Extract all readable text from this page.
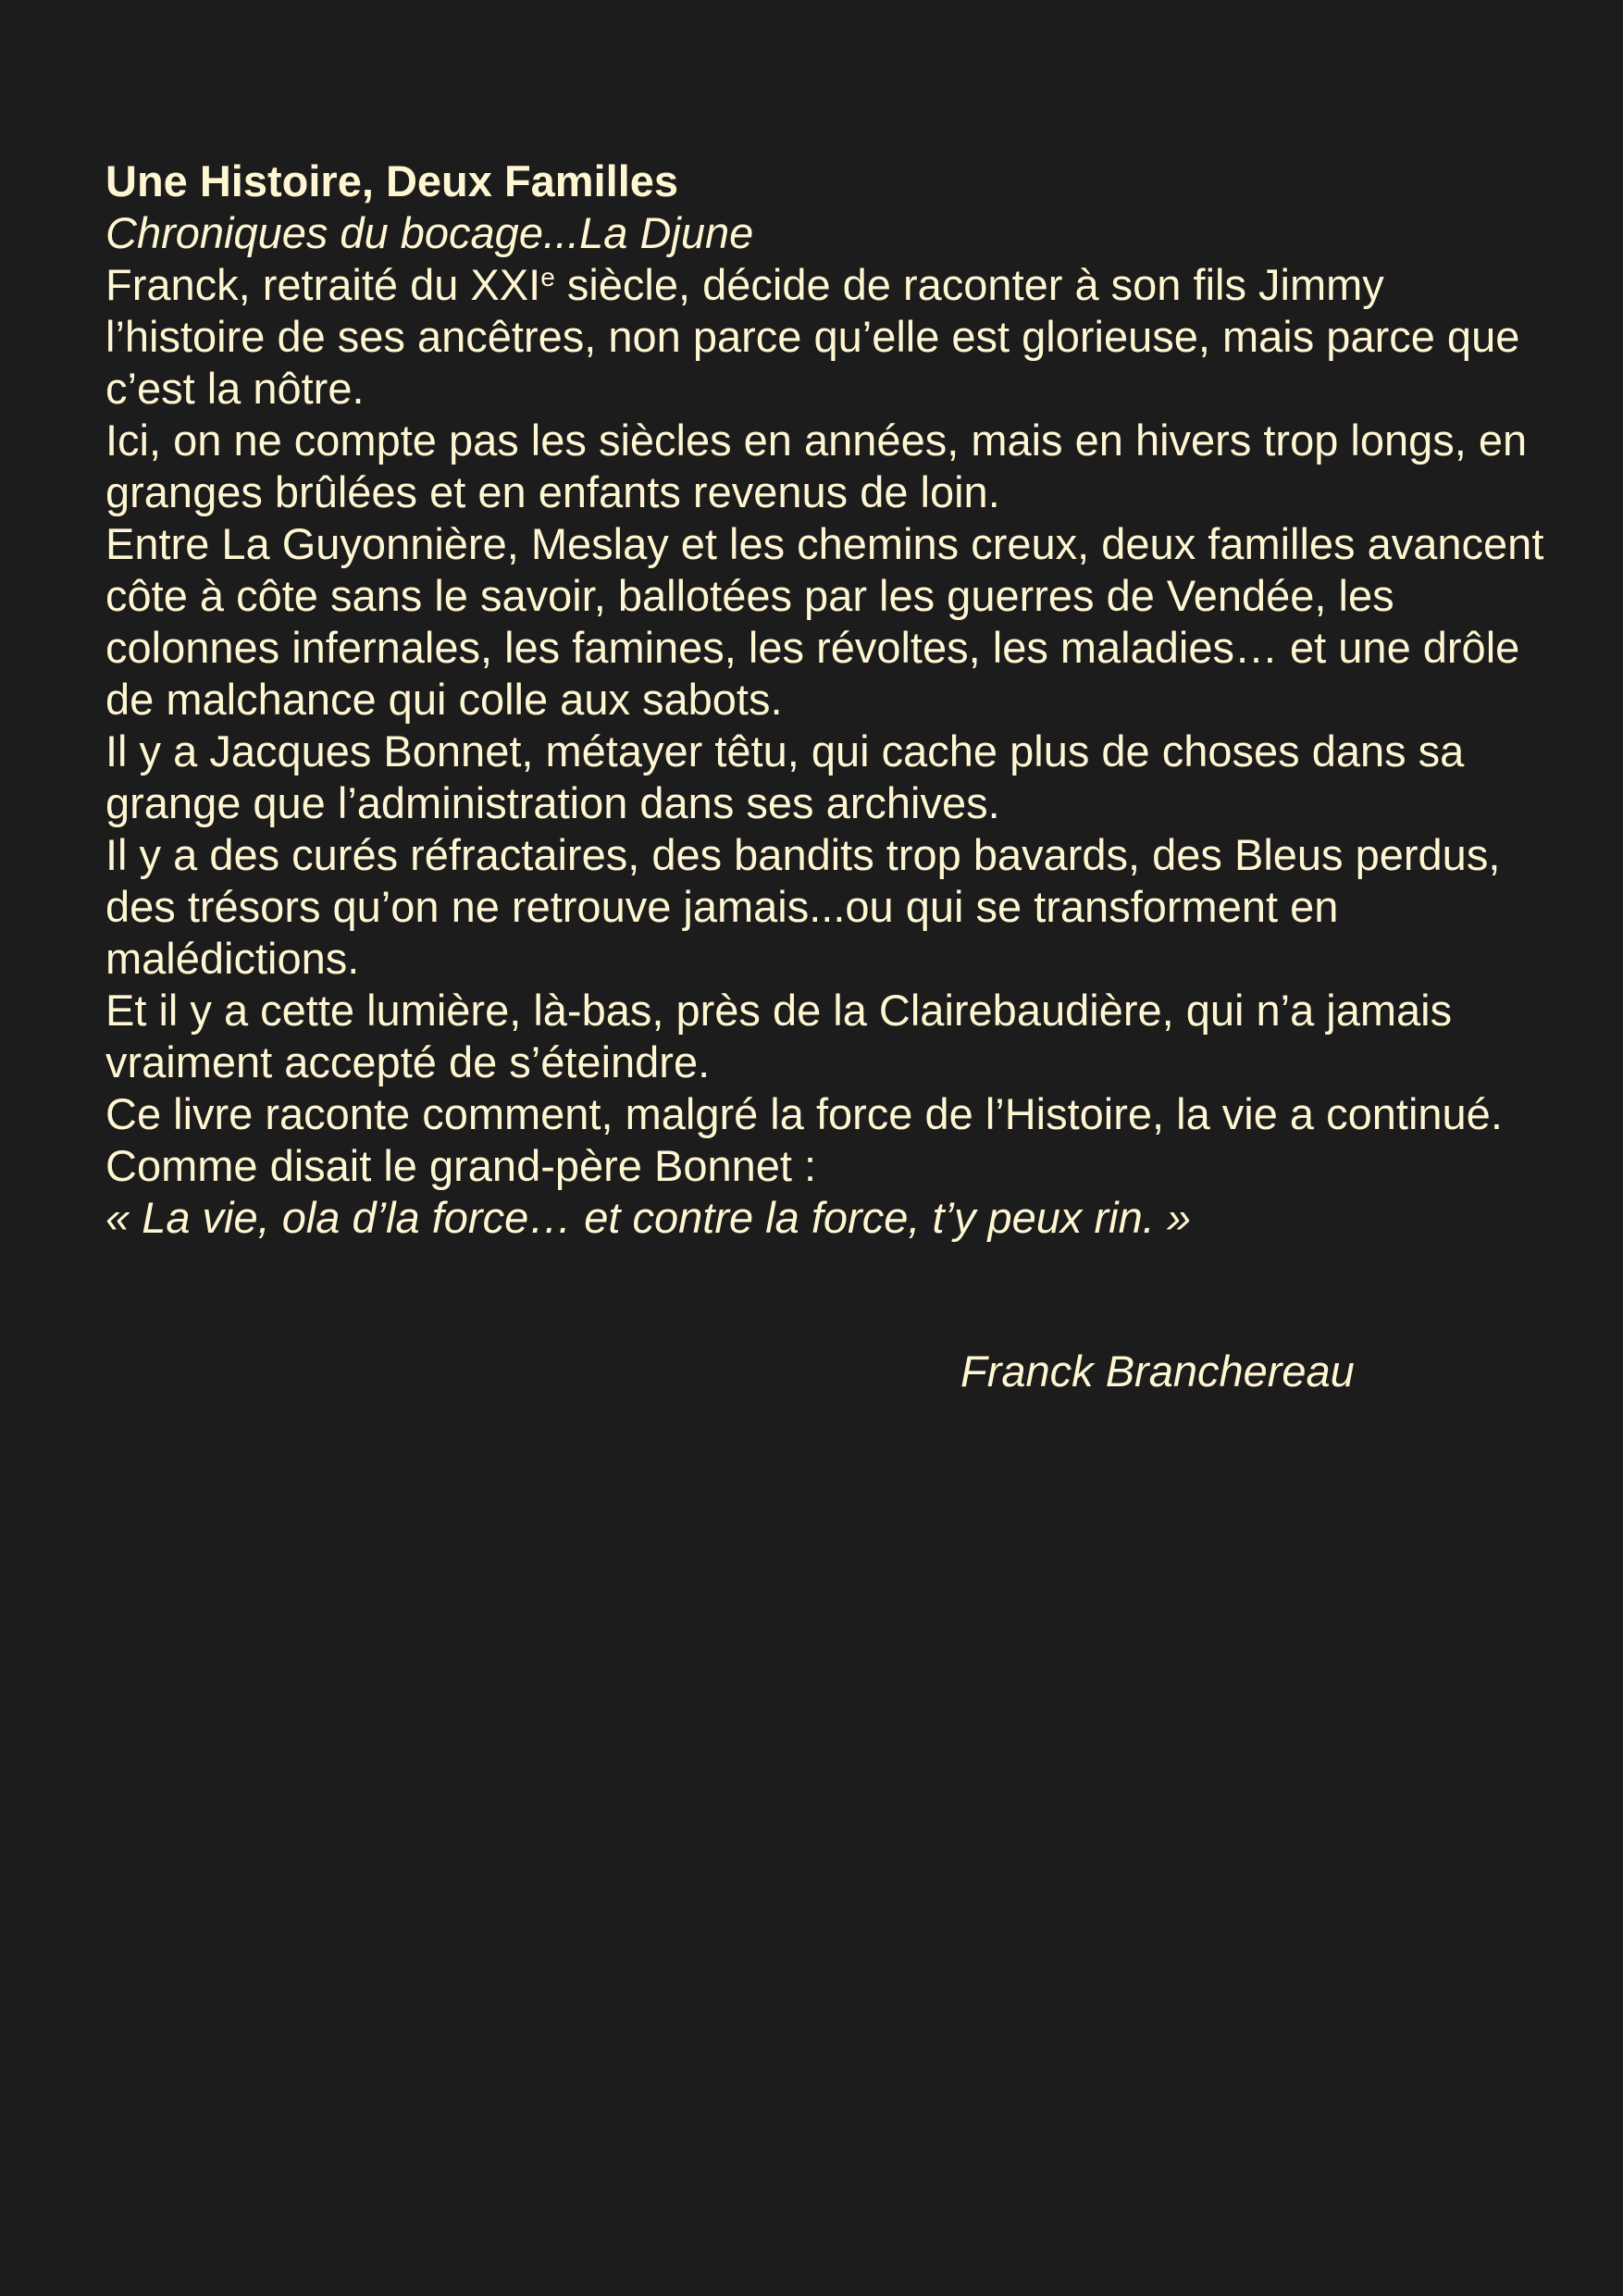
Une Histoire, Deux Familles

Chroniques du bocage...La Djune

Franck, retraité du XXIe siècle, décide de raconter à son fils Jimmy l’histoire de ses ancêtres, non parce qu’elle est glorieuse, mais parce que c’est la nôtre.

Ici, on ne compte pas les siècles en années, mais en hivers trop longs, en granges brûlées et en enfants revenus de loin.

Entre La Guyonnière, Meslay et les chemins creux, deux familles avancent côte à côte sans le savoir, ballotées par les guerres de Vendée, les colonnes infernales, les famines, les révoltes, les maladies… et une drôle de malchance qui colle aux sabots.

Il y a Jacques Bonnet, métayer têtu, qui cache plus de choses dans sa grange que l’administration dans ses archives.

Il y a des curés réfractaires, des bandits trop bavards, des Bleus perdus, des trésors qu’on ne retrouve jamais...ou qui se transforment en malédictions.

Et il y a cette lumière, là-bas, près de la Clairebaudière, qui n’a jamais vraiment accepté de s’éteindre.

Ce livre raconte comment, malgré la force de l’Histoire, la vie a continué.

Comme disait le grand-père Bonnet :

« La vie, ola d’la force… et contre la force, t’y peux rin. »

Franck Branchereau
